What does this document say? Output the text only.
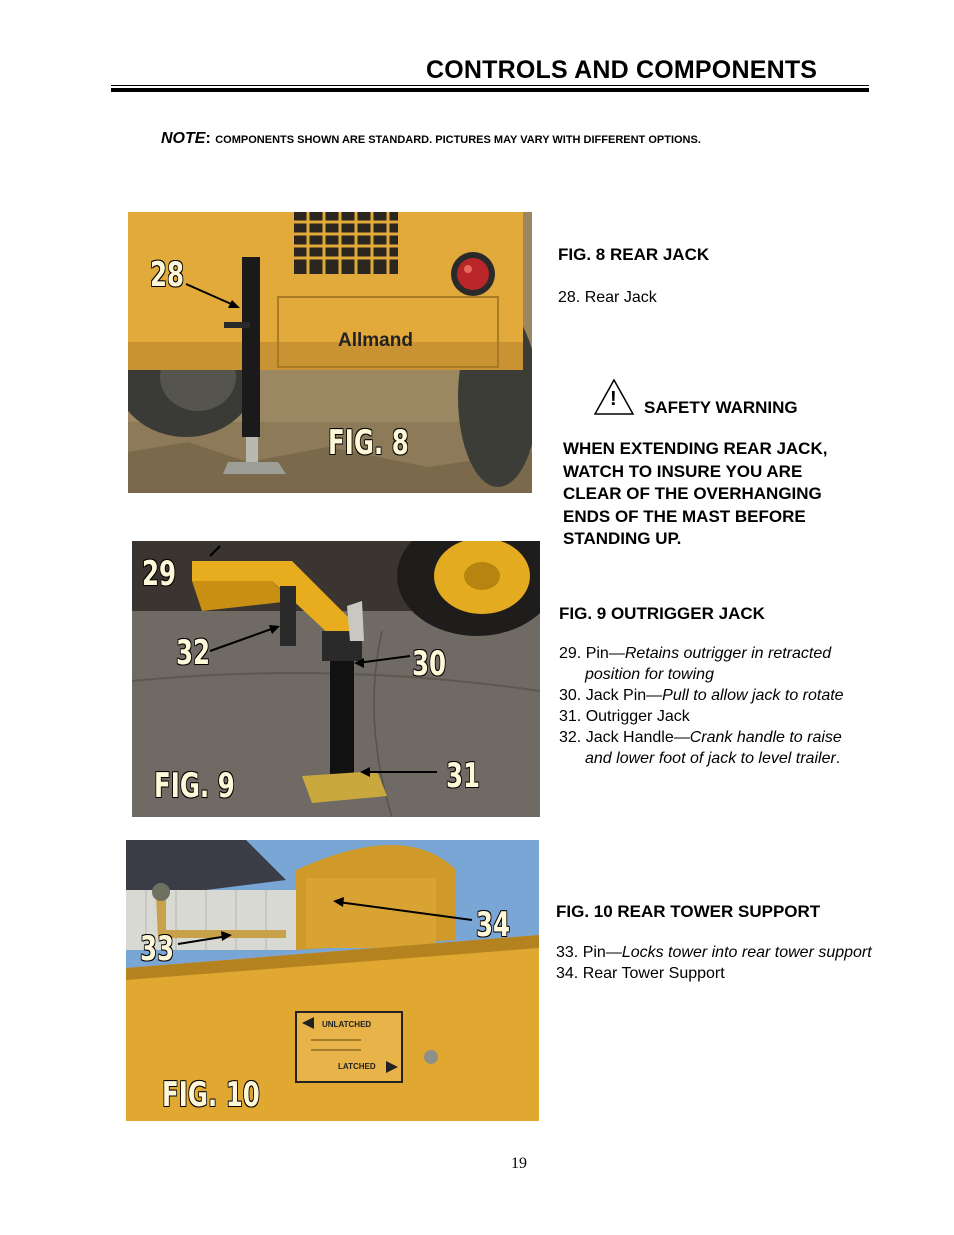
CONTROLS AND COMPONENTS
NOTE: COMPONENTS SHOWN ARE STANDARD. PICTURES MAY VARY WITH DIFFERENT OPTIONS.
28
FIG. 8
Allmand
FIG. 8 REAR JACK
28. Rear Jack
! SAFETY WARNING
WHEN EXTENDING REAR JACK,
WATCH TO INSURE YOU ARE
CLEAR OF THE OVERHANGING
ENDS OF THE MAST BEFORE
STANDING UP.
29
32	30
31
FIG. 9
FIG. 9 OUTRIGGER JACK
29. Pin—Retains outrigger in retracted
position for towing
30. Jack Pin—Pull to allow jack to rotate
31. Outrigger Jack
32. Jack Handle—Crank handle to raise
and lower foot of jack to level trailer.
33
34
FIG. 10
UNLATCHED
LATCHED
FIG. 10 REAR TOWER SUPPORT
33. Pin—Locks tower into rear tower support
34. Rear Tower Support
19
